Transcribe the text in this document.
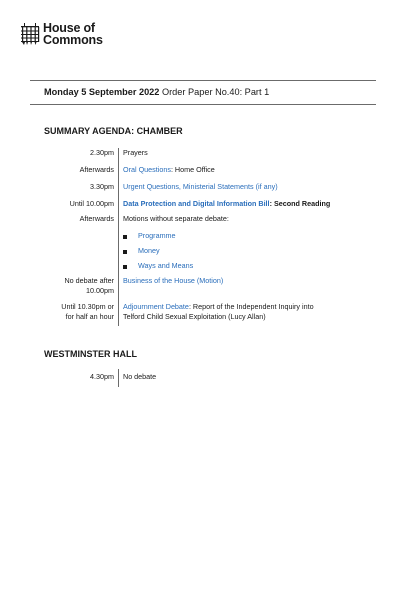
House of
Commons
Monday 5 September 2022 Order Paper No.40: Part 1
SUMMARY AGENDA: CHAMBER
2.30pm Prayers
Afterwards Oral Questions: Home Office
3.30pm Urgent Questions, Ministerial Statements (if any)
Until 10.00pm Data Protection and Digital Information Bill: Second Reading
Afterwards Motions without separate debate:
Programme
Money
Ways and Means
No debate after
10.00pm
Business of the House (Motion)
Until 10.30pm or
for half an hour
Adjournment Debate: Report of the Independent Inquiry into
Telford Child Sexual Exploitation (Lucy Allan)
WESTMINSTER HALL
4.30pm No debate
